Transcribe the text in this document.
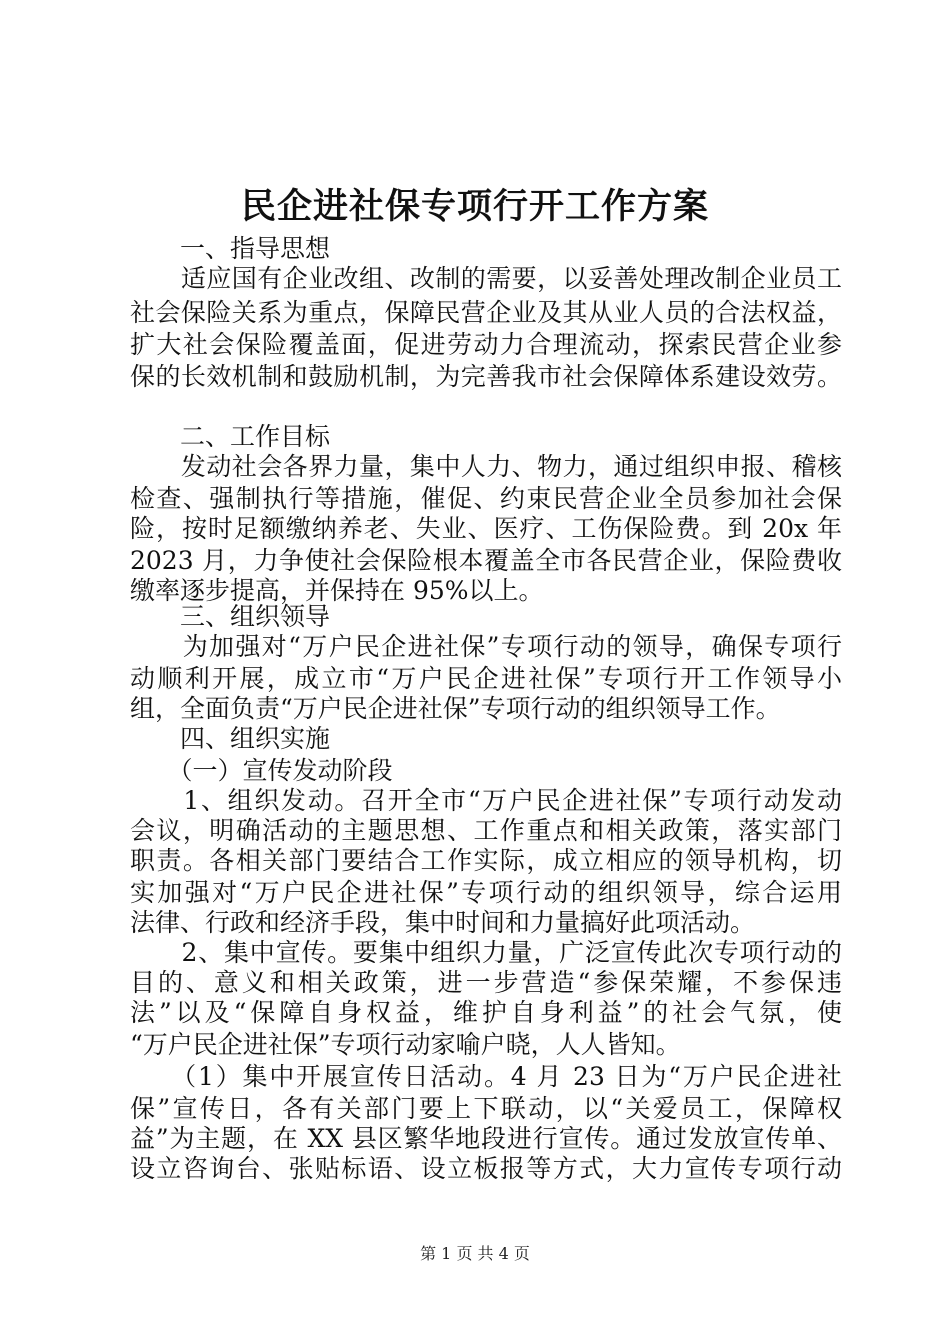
民企进社保专项行开工作方案
　　一、指导思想
　　适应国有企业改组、改制的需要，以妥善处理改制企业员工
社会保险关系为重点，保障民营企业及其从业人员的合法权益，
扩大社会保险覆盖面，促进劳动力合理流动，探索民营企业参
保的长效机制和鼓励机制，为完善我市社会保障体系建设效劳。
　　二、工作目标
　　发动社会各界力量，集中人力、物力，通过组织申报、稽核
检查、强制执行等措施，催促、约束民营企业全员参加社会保
险，按时足额缴纳养老、失业、医疗、工伤保险费。到 20x 年
2023 月，力争使社会保险根本覆盖全市各民营企业，保险费收
缴率逐步提高，并保持在 95%以上。
　　三、组织领导
　　为加强对“万户民企进社保”专项行动的领导，确保专项行
动顺利开展，成立市“万户民企进社保”专项行开工作领导小
组，全面负责“万户民企进社保”专项行动的组织领导工作。
　　四、组织实施
　　（一）宣传发动阶段
　　1、组织发动。召开全市“万户民企进社保”专项行动发动
会议，明确活动的主题思想、工作重点和相关政策，落实部门
职责。各相关部门要结合工作实际，成立相应的领导机构，切
实加强对“万户民企进社保”专项行动的组织领导，综合运用
法律、行政和经济手段，集中时间和力量搞好此项活动。
　　2、集中宣传。要集中组织力量，广泛宣传此次专项行动的
目的、意义和相关政策，进一步营造“参保荣耀，不参保违
法”以及“保障自身权益，维护自身利益”的社会气氛，使
“万户民企进社保”专项行动家喻户晓，人人皆知。
　　（1）集中开展宣传日活动。4 月 23 日为“万户民企进社
保”宣传日，各有关部门要上下联动，以“关爱员工，保障权
益”为主题，在 XX 县区繁华地段进行宣传。通过发放宣传单、
设立咨询台、张贴标语、设立板报等方式，大力宣传专项行动
第 1 页 共 4 页
